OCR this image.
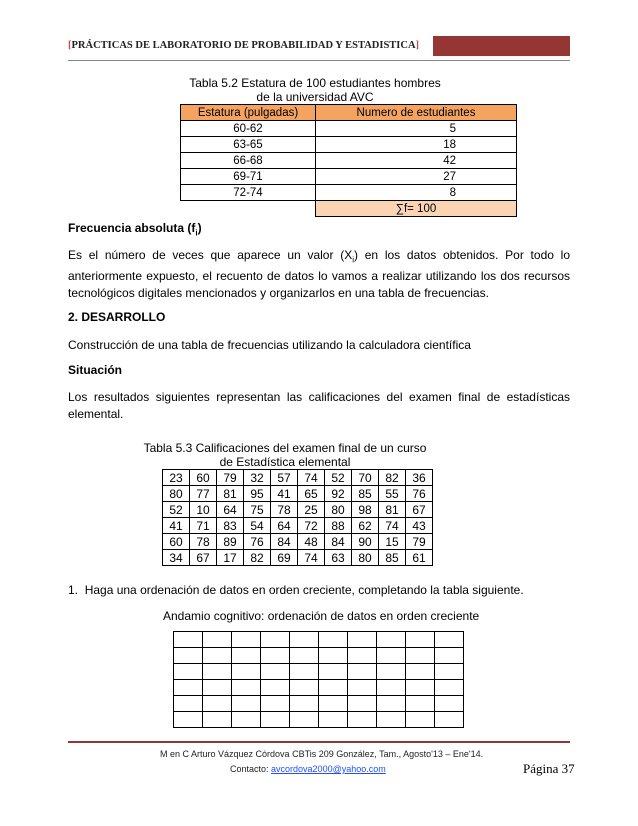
[PRÁCTICAS DE LABORATORIO DE PROBABILIDAD Y ESTADISTICA]
Tabla 5.2 Estatura de 100 estudiantes hombres
de la universidad AVC
Estatura (pulgadas)	Numero de estudiantes
60-62	5
63-65	18
66-68	42
69-71	27
72-74	8
	∑f= 100
Frecuencia absoluta $(f_i)$
Es el número de veces que aparece un valor $(X_i)$ en los datos obtenidos. Por todo lo anteriormente expuesto, el recuento de datos lo vamos a realizar utilizando los dos recursos tecnológicos digitales mencionados y organizarlos en una tabla de frecuencias.
2. DESARROLLO
Construcción de una tabla de frecuencias utilizando la calculadora científica
Situación
Los resultados siguientes representan las calificaciones del examen final de estadísticas elemental.
Tabla 5.3 Calificaciones del examen final de un curso
de Estadística elemental
23	60	79	32	57	74	52	70	82	36
80	77	81	95	41	65	92	85	55	76
52	10	64	75	78	25	80	98	81	67
41	71	83	54	64	72	88	62	74	43
60	78	89	76	84	48	84	90	15	79
34	67	17	82	69	74	63	80	85	61
1. Haga una ordenación de datos en orden creciente, completando la tabla siguiente.
Andamio cognitivo: ordenación de datos en orden creciente

M en C Arturo Vázquez Córdova CBTis 209 González, Tam., Agosto'13 – Ene'14.
Contacto: avcordova2000@yahoo.com	Página 37
